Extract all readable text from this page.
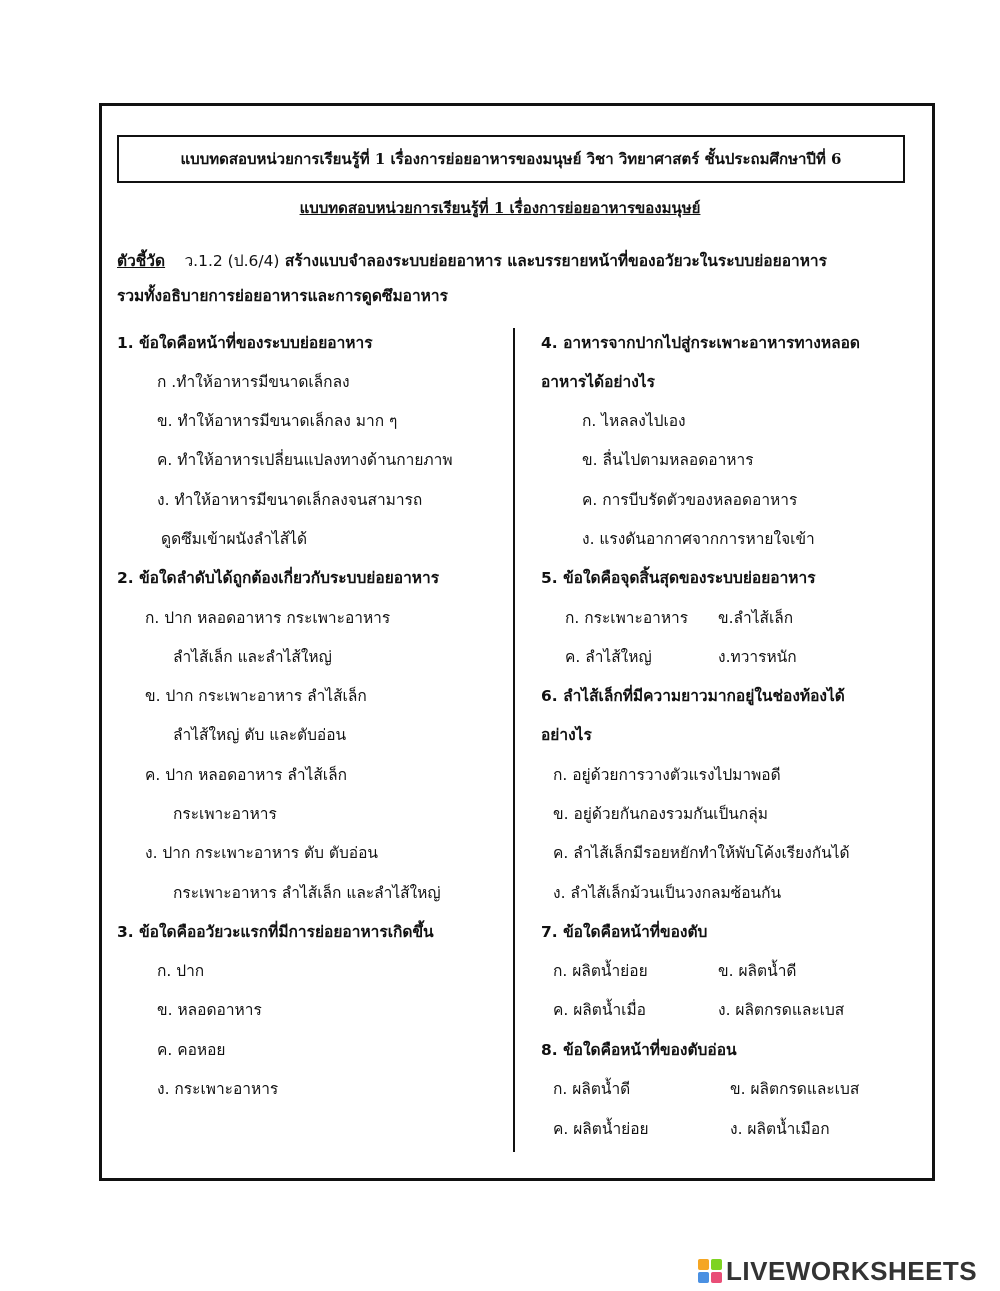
แบบทดสอบหน่วยการเรียนรู้ที่ 1 เรื่องการย่อยอาหารของมนุษย์ วิชา วิทยาศาสตร์ ชั้นประถมศึกษาปีที่ 6
แบบทดสอบหน่วยการเรียนรู้ที่ 1 เรื่องการย่อยอาหารของมนุษย์
ตัวชี้วัด ว.1.2 (ป.6/4) สร้างแบบจำลองระบบย่อยอาหาร และบรรยายหน้าที่ของอวัยวะในระบบย่อยอาหาร
รวมทั้งอธิบายการย่อยอาหารและการดูดซึมอาหาร
1. ข้อใดคือหน้าที่ของระบบย่อยอาหาร
ก .ทำให้อาหารมีขนาดเล็กลง
ข. ทำให้อาหารมีขนาดเล็กลง มาก ๆ
ค. ทำให้อาหารเปลี่ยนแปลงทางด้านกายภาพ
ง. ทำให้อาหารมีขนาดเล็กลงจนสามารถ
ดูดซึมเข้าผนังลำไส้ได้
2. ข้อใดลำดับได้ถูกต้องเกี่ยวกับระบบย่อยอาหาร
ก. ปาก หลอดอาหาร กระเพาะอาหาร
ลำไส้เล็ก และลำไส้ใหญ่
ข. ปาก กระเพาะอาหาร ลำไส้เล็ก
ลำไส้ใหญ่ ตับ และตับอ่อน
ค. ปาก หลอดอาหาร ลำไส้เล็ก
กระเพาะอาหาร
ง. ปาก กระเพาะอาหาร ตับ ตับอ่อน
กระเพาะอาหาร ลำไส้เล็ก และลำไส้ใหญ่
3. ข้อใดคืออวัยวะแรกที่มีการย่อยอาหารเกิดขึ้น
ก. ปาก
ข. หลอดอาหาร
ค. คอหอย
ง. กระเพาะอาหาร
4. อาหารจากปากไปสู่กระเพาะอาหารทางหลอด
อาหารได้อย่างไร
ก. ไหลลงไปเอง
ข. ลื่นไปตามหลอดอาหาร
ค. การบีบรัดตัวของหลอดอาหาร
ง. แรงดันอากาศจากการหายใจเข้า
5. ข้อใดคือจุดสิ้นสุดของระบบย่อยอาหาร
ก. กระเพาะอาหาร ข.ลำไส้เล็ก
ค. ลำไส้ใหญ่	ง.ทวารหนัก
6. ลำไส้เล็กที่มีความยาวมากอยู่ในช่องท้องได้
อย่างไร
ก. อยู่ด้วยการวางตัวแรงไปมาพอดี
ข. อยู่ด้วยกันกองรวมกันเป็นกลุ่ม
ค. ลำไส้เล็กมีรอยหยักทำให้พับโค้งเรียงกันได้
ง. ลำไส้เล็กม้วนเป็นวงกลมซ้อนกัน
7. ข้อใดคือหน้าที่ของตับ
ก. ผลิตน้ำย่อย	ข. ผลิตน้ำดี
ค. ผลิตน้ำเมื่อ	ง. ผลิตกรดและเบส
8. ข้อใดคือหน้าที่ของตับอ่อน
ก. ผลิตน้ำดี	ข. ผลิตกรดและเบส
ค. ผลิตน้ำย่อย	ง. ผลิตน้ำเมือก
LIVEWORKSHEETS
